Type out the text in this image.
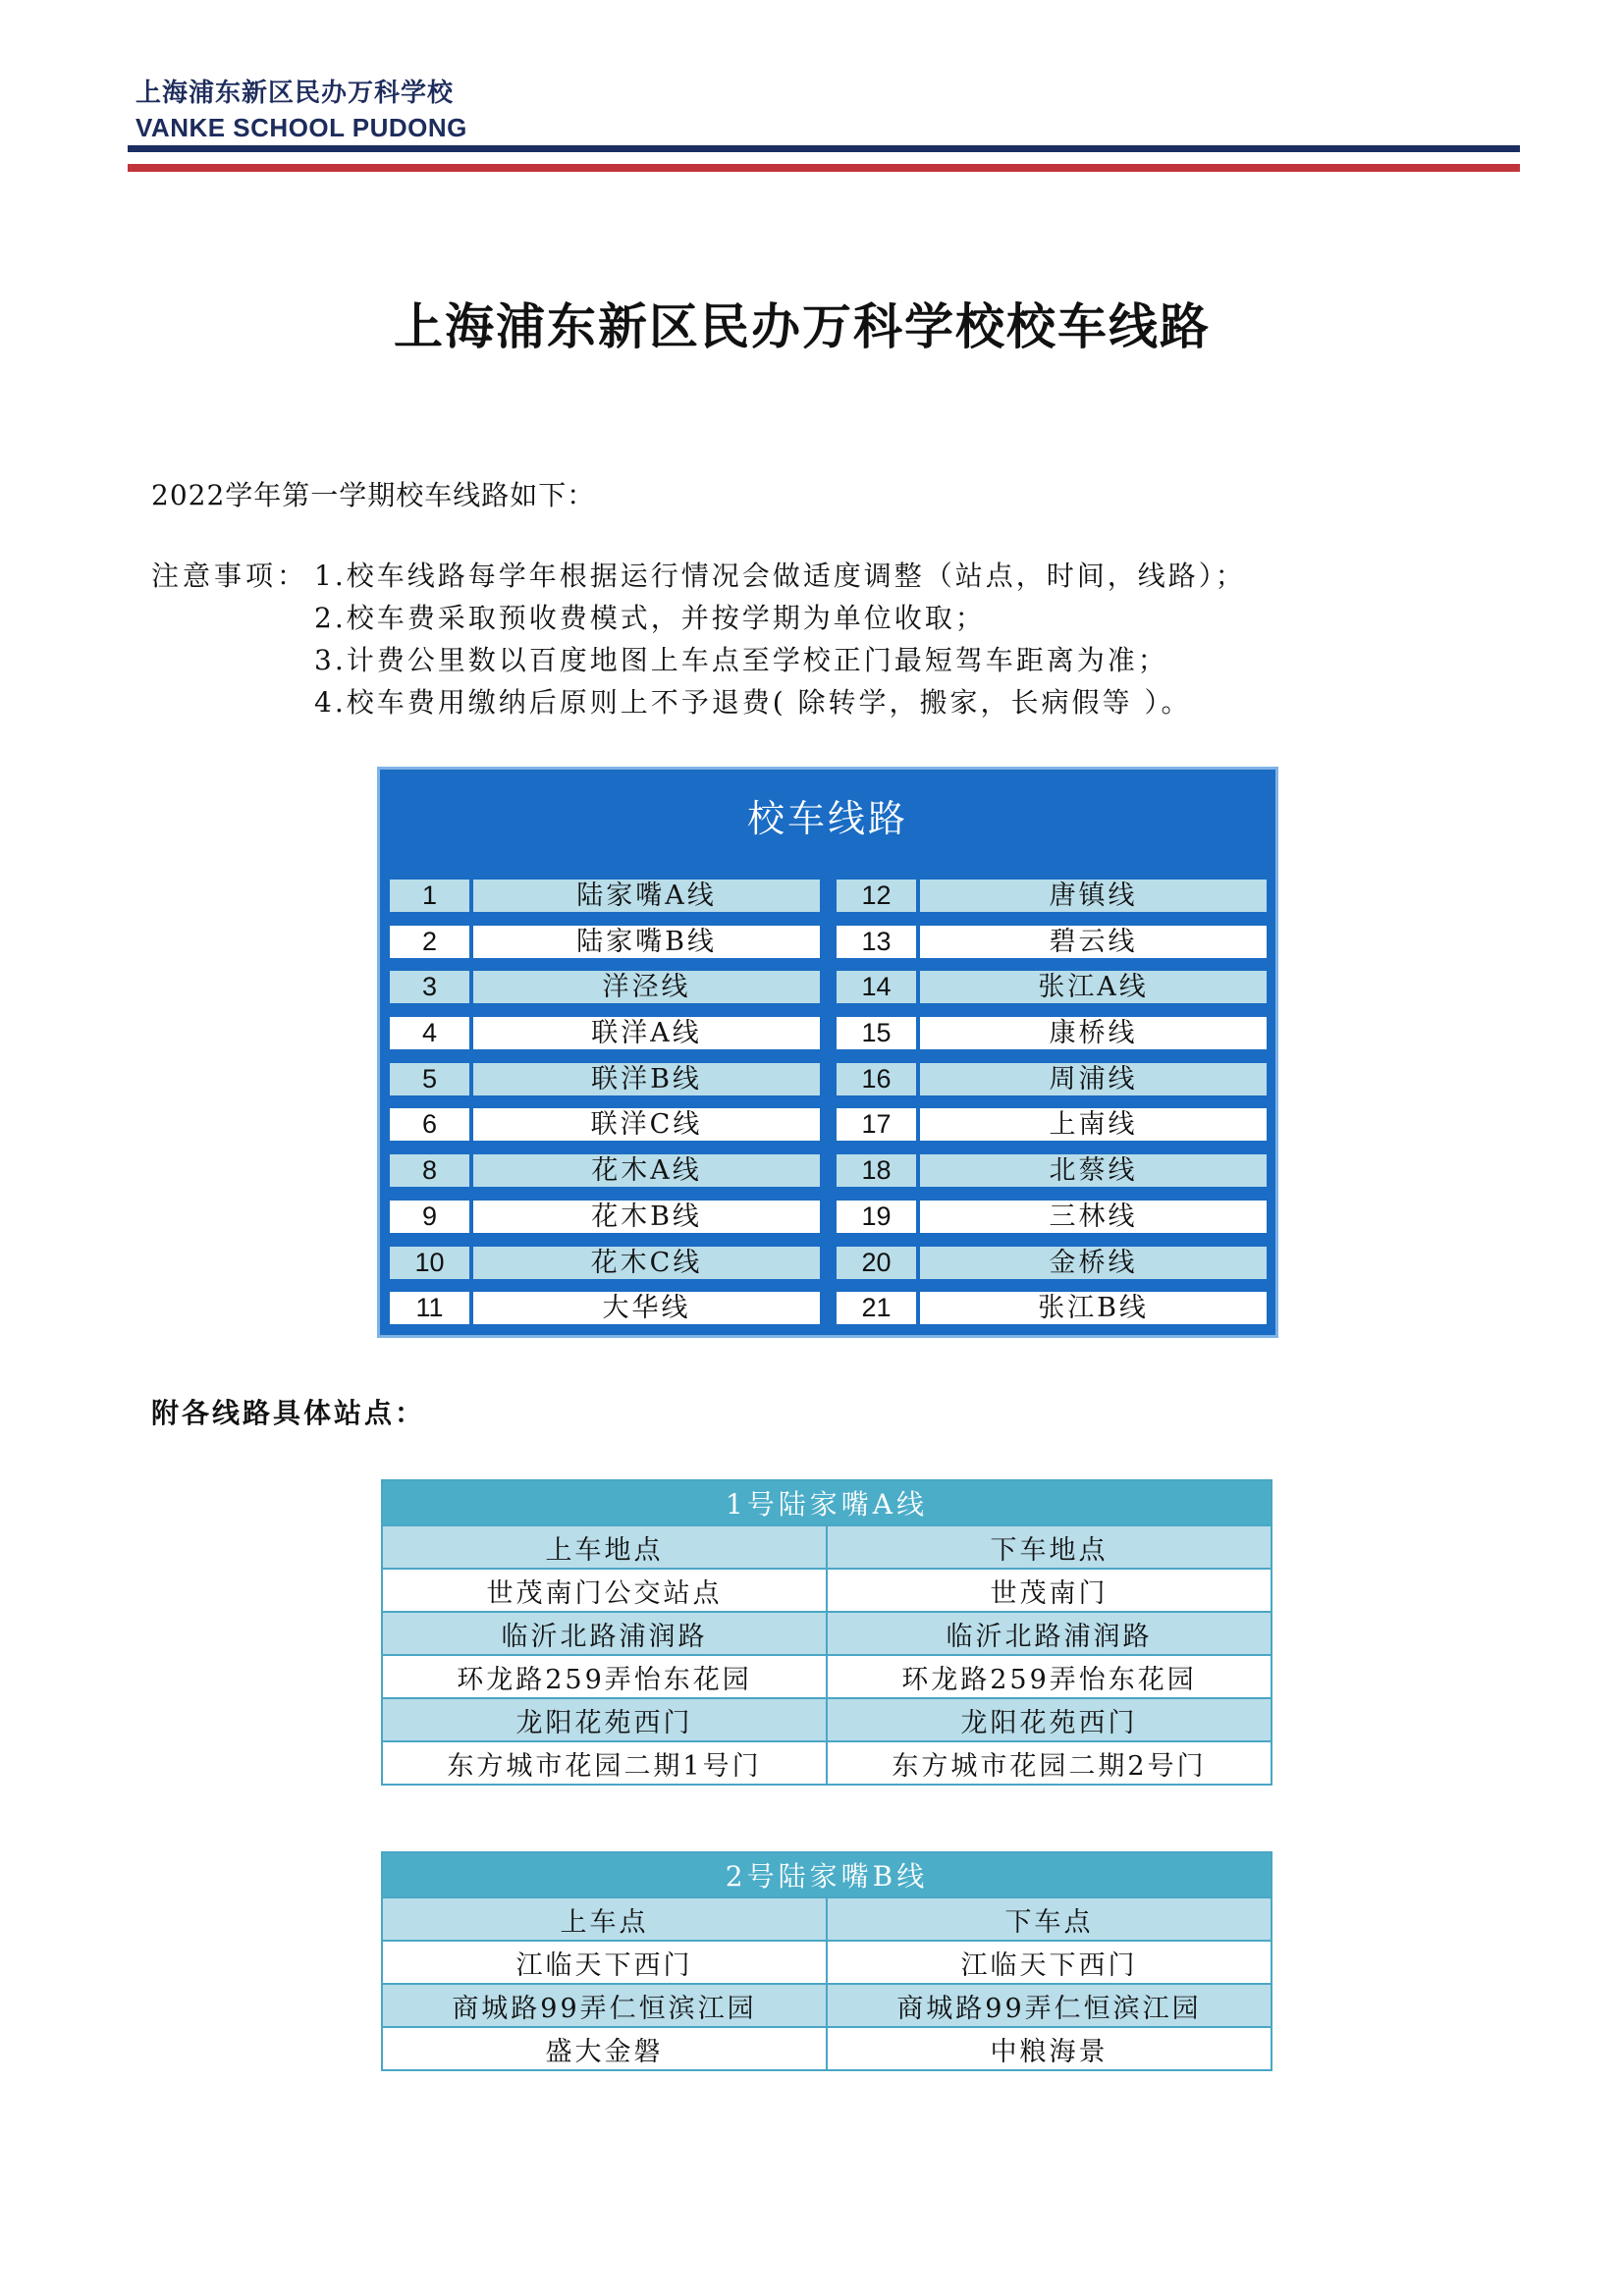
上海浦东新区民办万科学校
VANKE SCHOOL PUDONG
上海浦东新区民办万科学校校车线路
2022学年第一学期校车线路如下：
注意事项： 1.校车线路每学年根据运行情况会做适度调整（站点，时间，线路）；
2.校车费采取预收费模式，并按学期为单位收取；
3.计费公里数以百度地图上车点至学校正门最短驾车距离为准；
4.校车费用缴纳后原则上不予退费( 除转学，搬家，长病假等 ）。
校车线路
1	陆家嘴A线	12	唐镇线
2	陆家嘴B线	13	碧云线
3	洋泾线	14	张江A线
4	联洋A线	15	康桥线
5	联洋B线	16	周浦线
6	联洋C线	17	上南线
8	花木A线	18	北蔡线
9	花木B线	19	三林线
10	花木C线	20	金桥线
11	大华线	21	张江B线
附各线路具体站点：
1号陆家嘴A线	
上车地点	下车地点
世茂南门公交站点	世茂南门
临沂北路浦润路	临沂北路浦润路
环龙路259弄怡东花园	环龙路259弄怡东花园
龙阳花苑西门	龙阳花苑西门
东方城市花园二期1号门	东方城市花园二期2号门
2号陆家嘴B线	
上车点	下车点
江临天下西门	江临天下西门
商城路99弄仁恒滨江园	商城路99弄仁恒滨江园
盛大金磐	中粮海景
